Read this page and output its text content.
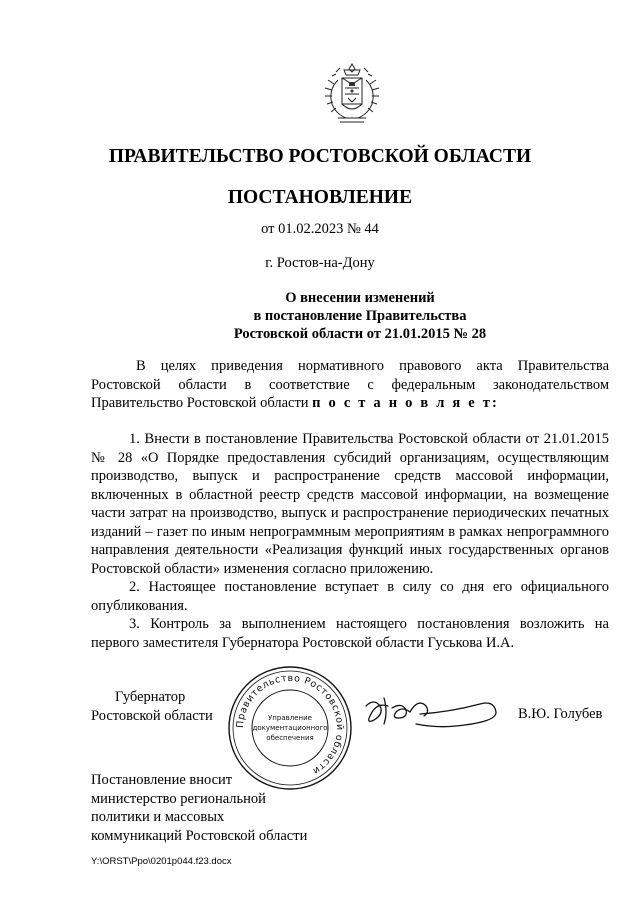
ПРАВИТЕЛЬСТВО РОСТОВСКОЙ ОБЛАСТИ
ПОСТАНОВЛЕНИЕ
от 01.02.2023 № 44
г. Ростов-на-Дону
О внесении изменений
в постановление Правительства
Ростовской области от 21.01.2015 № 28
В целях приведения нормативного правового акта Правительства Ростовской области в соответствие с федеральным законодательством Правительство Ростовской области п о с т а н о в л я е т:

1. Внести в постановление Правительства Ростовской области от 21.01.2015 № 28 «О Порядке предоставления субсидий организациям, осуществляющим производство, выпуск и распространение средств массовой информации, включенных в областной реестр средств массовой информации, на возмещение части затрат на производство, выпуск и распространение периодических печатных изданий – газет по иным непрограммным мероприятиям в рамках непрограммного направления деятельности «Реализация функций иных государственных органов Ростовской области» изменения согласно приложению.

2. Настоящее постановление вступает в силу со дня его официального опубликования.

3. Контроль за выполнением настоящего постановления возложить на первого заместителя Губернатора Ростовской области Гуськова И.А.

Губернатор
Ростовской области Правительство Ростовской области
Управление
документационного
обеспечения
В.Ю. Голубев
Постановление вносит
министерство региональной
политики и массовых
коммуникаций Ростовской области
Y:\ORST\Ppo\0201p044.f23.docx
